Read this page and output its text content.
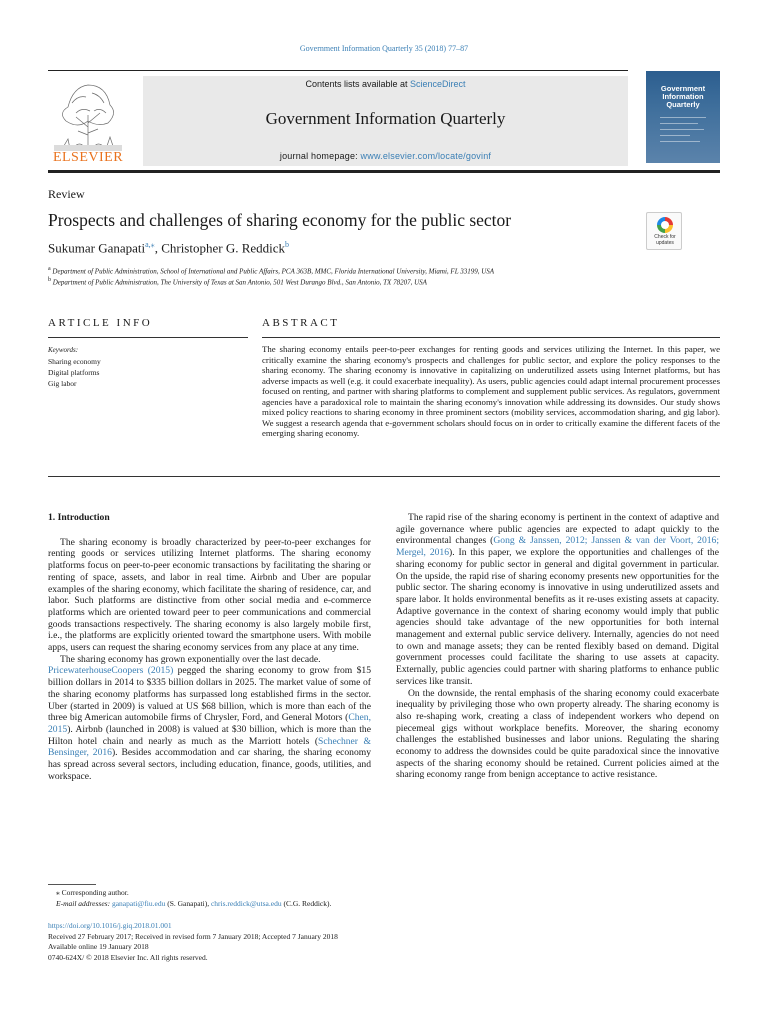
Government Information Quarterly 35 (2018) 77–87
ELSEVIER
Contents lists available at ScienceDirect
Government Information Quarterly
journal homepage: www.elsevier.com/locate/govinf
Government
Information
Quarterly
Review
Prospects and challenges of sharing economy for the public sector
Sukumar Ganapati$^{a,⁎}$, Christopher G. Reddick$^b$
Check for
updates
$^a$ Department of Public Administration, School of International and Public Affairs, PCA 363B, MMC, Florida International University, Miami, FL 33199, USA
$^b$ Department of Public Administration, The University of Texas at San Antonio, 501 West Durango Blvd., San Antonio, TX 78207, USA
ARTICLE INFO	ABSTRACT
Keywords:
Sharing economy
Digital platforms
Gig labor
The sharing economy entails peer-to-peer exchanges for renting goods and services utilizing the Internet. In this paper, we critically examine the sharing economy's prospects and challenges for public sector, and explore the policy responses to the sharing economy. The sharing economy is innovative in capitalizing on underutilized assets using Internet platforms, but has adverse impacts as well (e.g. it could exacerbate inequality). As users, public agencies could adapt internal procurement processes focused on renting, and partner with sharing platforms to complement and supplement public services. As regulators, government agencies have a paradoxical role to maintain the sharing economy's innovation while addressing its downsides. Our study shows mixed policy reactions to sharing economy in three prominent sectors (mobility services, accommodation sharing, and gig labor). We suggest a research agenda that e-government scholars should focus on in order to critically examine the different facets of the emerging sharing economy.
1. Introduction

The sharing economy is broadly characterized by peer-to-peer exchanges for renting goods or services utilizing Internet platforms. The sharing economy platforms focus on peer-to-peer economic transactions by facilitating the sharing or renting of space, assets, and labor in real time. Airbnb and Uber are popular examples of the sharing economy, which facilitate the sharing of residence, car, and labor. Such platforms are distinctive from other social media and e-commerce platforms which are oriented toward peer to peer communications and commercial goods transactions respectively. The sharing economy is also largely mobile first, i.e., the platforms are explicitly oriented toward the smartphone users. With mobile apps, users can request the sharing economy services from any place at any time.

The sharing economy has grown exponentially over the last decade.

PricewaterhouseCoopers (2015) pegged the sharing economy to grow from $15 billion dollars in 2014 to $335 billion dollars in 2025. The market value of some of the sharing economy platforms has surpassed long established firms in the sector. Uber (started in 2009) is valued at US $68 billion, which is more than each of the three big American automobile firms of Chrysler, Ford, and General Motors (Chen, 2015). Airbnb (launched in 2008) is valued at $30 billion, which is more than the Hilton hotel chain and nearly as much as the Marriott hotels (Schechner & Bensinger, 2016). Besides accommodation and car sharing, the sharing economy has spread across several sectors, including education, finance, goods, utilities, and workspace.

The rapid rise of the sharing economy is pertinent in the context of adaptive and agile governance where public agencies are expected to adapt quickly to the environmental changes (Gong & Janssen, 2012; Janssen & van der Voort, 2016; Mergel, 2016). In this paper, we explore the opportunities and challenges of the sharing economy for public sector in general and digital government in particular. On the upside, the rapid rise of sharing economy presents new opportunities for the public sector. The sharing economy is innovative in using underutilized assets and spare labor. It holds environmental benefits as it re-uses existing assets at capacity. Adaptive governance in the context of sharing economy would imply that public agencies should take advantage of the new opportunities for both internal management and external public service delivery. Internally, agencies do not need to own and manage assets; they can be rented flexibly based on demand. Digital government processes could facilitate the sharing to use assets at capacity. Externally, public agencies could partner with sharing platforms to enhance public services like transit.

On the downside, the rental emphasis of the sharing economy could exacerbate inequality by privileging those who own property already. The sharing economy is also re-shaping work, creating a class of independent workers who depend on piecemeal gigs without workplace benefits. Moreover, the sharing economy challenges the established businesses and labor unions. Regulating the sharing economy to address the downsides could be quite paradoxical since the innovative aspects of the sharing economy should be retained. Current policies aimed at the sharing economy range from benign acceptance to active resistance.

⁎ Corresponding author.
E-mail addresses: ganapati@fiu.edu (S. Ganapati), chris.reddick@utsa.edu (C.G. Reddick).
https://doi.org/10.1016/j.giq.2018.01.001
Received 27 February 2017; Received in revised form 7 January 2018; Accepted 7 January 2018
Available online 19 January 2018
0740-624X/ © 2018 Elsevier Inc. All rights reserved.
